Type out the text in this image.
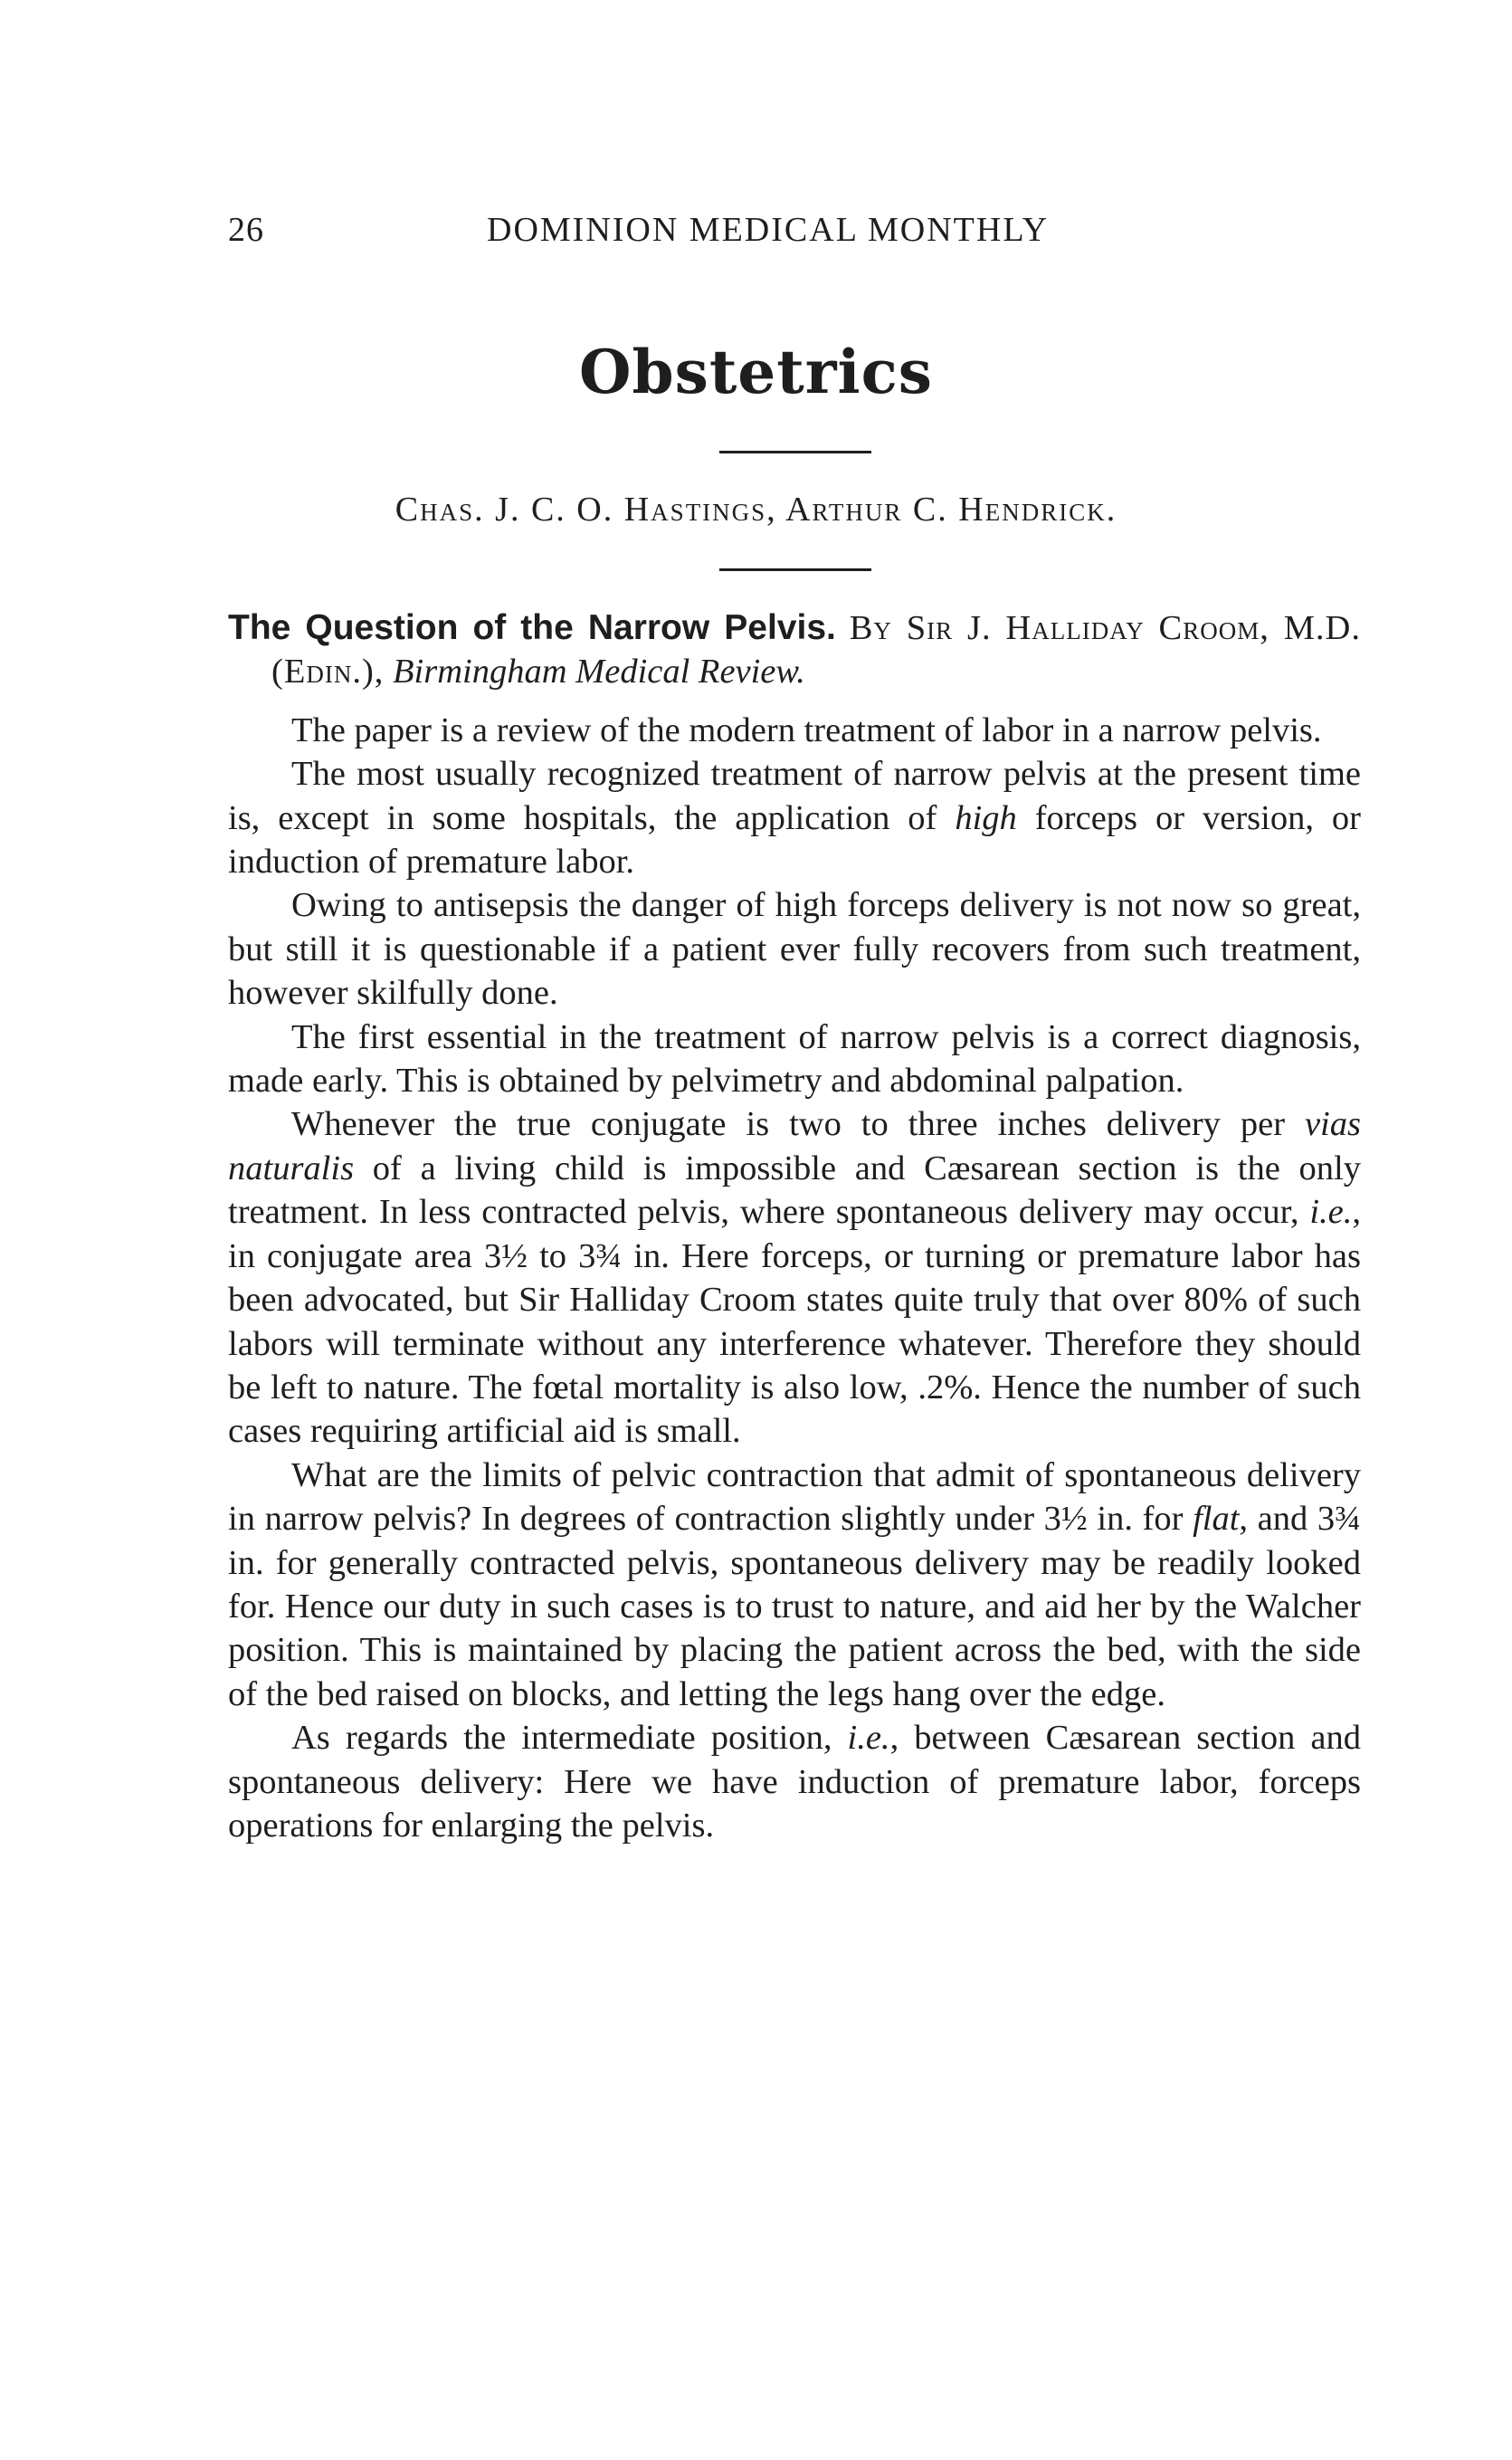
26	DOMINION MEDICAL MONTHLY
Obstetrics
Chas. J. C. O. Hastings, Arthur C. Hendrick.

The Question of the Narrow Pelvis. By Sir J. Halliday Croom, M.D. (Edin.), Birmingham Medical Review.

The paper is a review of the modern treatment of labor in a narrow pelvis.

The most usually recognized treatment of narrow pelvis at the present time is, except in some hospitals, the application of high forceps or version, or induction of premature labor.

Owing to antisepsis the danger of high forceps delivery is not now so great, but still it is questionable if a patient ever fully recovers from such treatment, however skilfully done.

The first essential in the treatment of narrow pelvis is a correct diagnosis, made early. This is obtained by pelvimetry and abdominal palpation.

Whenever the true conjugate is two to three inches delivery per vias naturalis of a living child is impossible and Cæsarean section is the only treatment. In less contracted pelvis, where spontaneous delivery may occur, i.e., in conjugate area 3½ to 3¾ in. Here forceps, or turning or premature labor has been advocated, but Sir Halliday Croom states quite truly that over 80% of such labors will terminate without any interference whatever. Therefore they should be left to nature. The fœtal mortality is also low, .2%. Hence the number of such cases requiring artificial aid is small.

What are the limits of pelvic contraction that admit of spontaneous delivery in narrow pelvis? In degrees of contraction slightly under 3½ in. for flat, and 3¾ in. for generally contracted pelvis, spontaneous delivery may be readily looked for. Hence our duty in such cases is to trust to nature, and aid her by the Walcher position. This is maintained by placing the patient across the bed, with the side of the bed raised on blocks, and letting the legs hang over the edge.

As regards the intermediate position, i.e., between Cæsarean section and spontaneous delivery: Here we have induction of premature labor, forceps operations for enlarging the pelvis.
